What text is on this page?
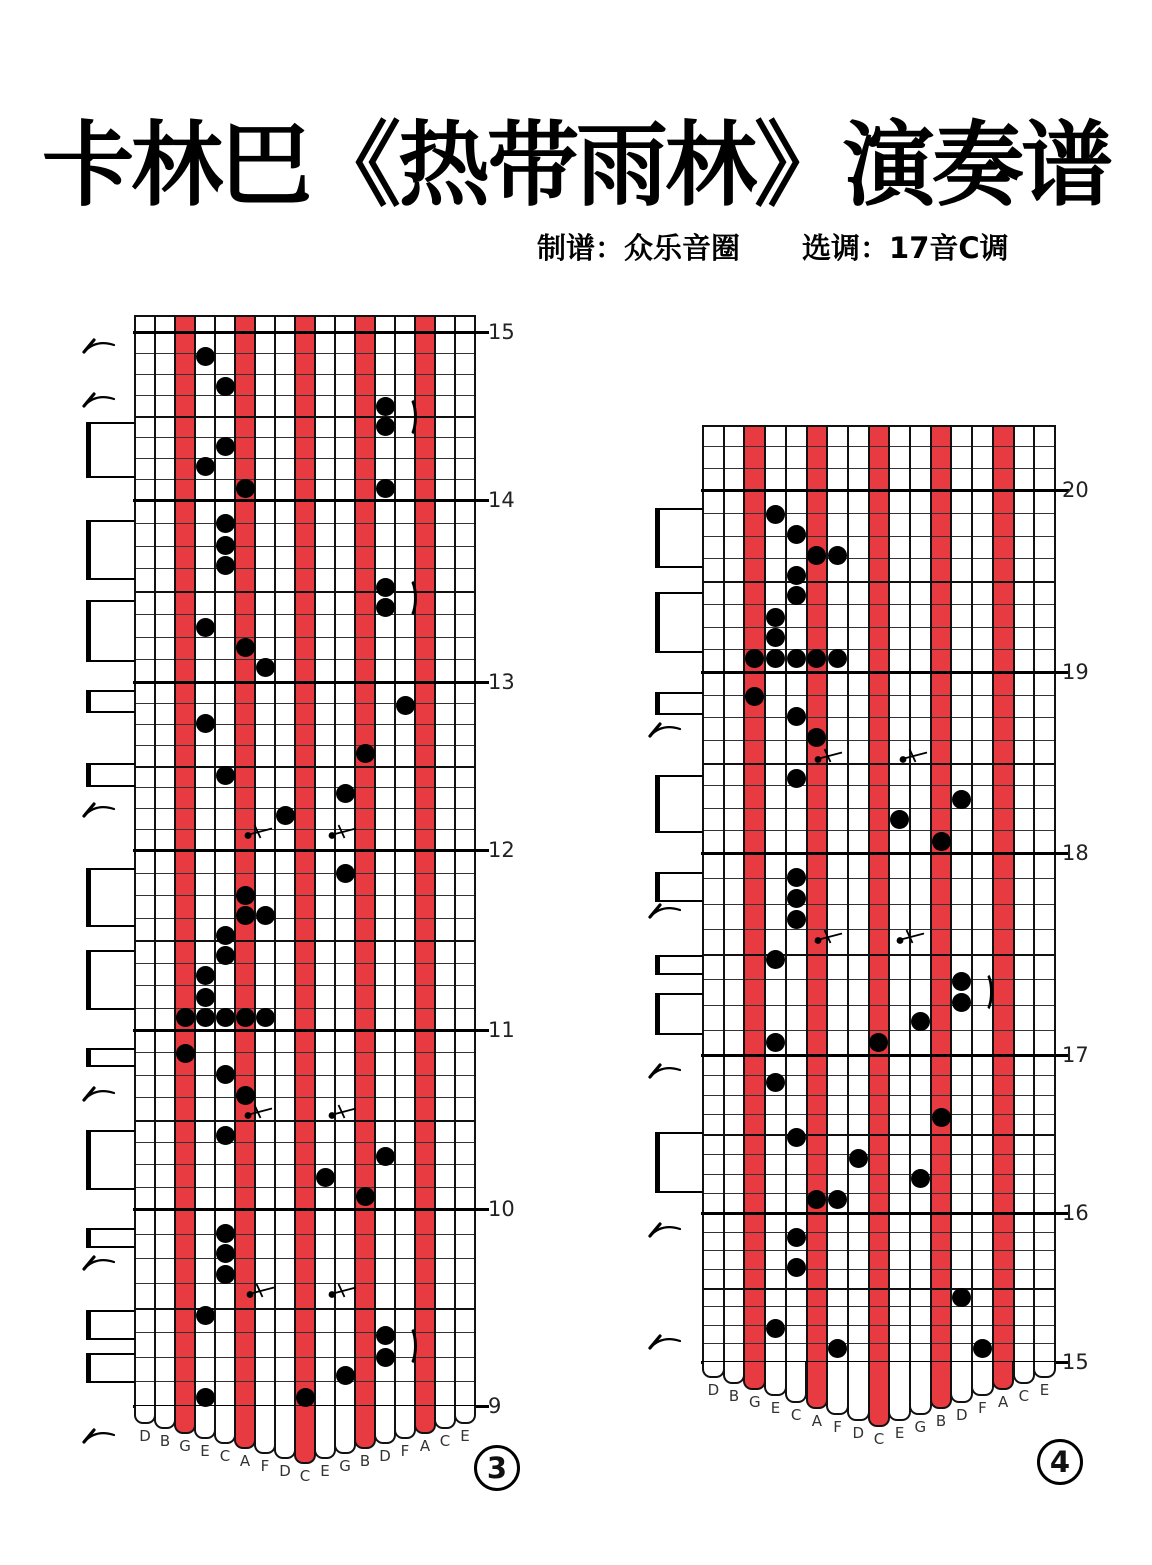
卡林巴《热带雨林》演奏谱
制谱：众乐音圈 选调：17音C调
15
14
13
12
11
10
9
D B G E C A F D C E G B D F A C E
20
19
18
17
16
15
D B G E C A F D C E G B D F A C E
3	4
